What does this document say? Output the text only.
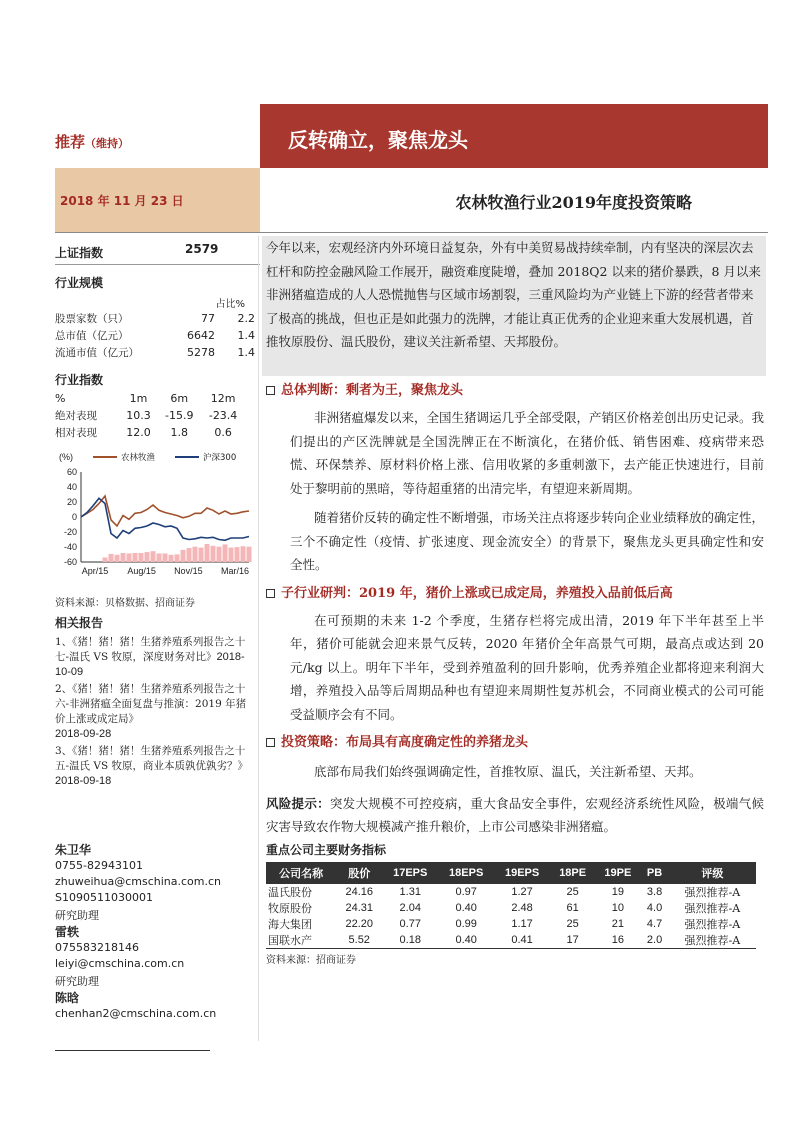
推荐（维持）	反转确立，聚焦龙头
2018 年 11 月 23 日	农林牧渔行业2019年度投资策略
上证指数	2579
行业规模
占比%
股票家数（只）	77	2.2
总市值（亿元）	6642	1.4
流通市值（亿元）	5278	1.4
行业指数
%	1m	6m	12m
绝对表现	10.3	-15.9	-23.4
相对表现	12.0	1.8	0.6
(%)	农林牧渔	沪深300
60
40
20
0
-20
-40
-60
Apr/15 Aug/15 Nov/15 Mar/16
资料来源：贝格数据、招商证券
相关报告
1、《猪！猪！猪！生猪养殖系列报告之十七-温氏 VS 牧原，深度财务对比》2018-10-09
2、《猪！猪！猪！生猪养殖系列报告之十六-非洲猪瘟全面复盘与推演：2019 年猪价上涨或成定局》
2018-09-28
3、《猪！猪！猪！生猪养殖系列报告之十五-温氏 VS 牧原，商业本质孰优孰劣？》2018-09-18
朱卫华
0755-82943101
zhuweihua@cmschina.com.cn
S1090511030001
研究助理
雷轶
075583218146
leiyi@cmschina.com.cn
研究助理
陈晗
chenhan2@cmschina.com.cn
今年以来，宏观经济内外环境日益复杂，外有中美贸易战持续牵制，内有坚决的深层次去杠杆和防控金融风险工作展开，融资难度陡增，叠加 2018Q2 以来的猪价暴跌，8 月以来非洲猪瘟造成的人人恐慌抛售与区域市场割裂，三重风险均为产业链上下游的经营者带来了极高的挑战，但也正是如此强力的洗牌，才能让真正优秀的企业迎来重大发展机遇，首推牧原股份、温氏股份，建议关注新希望、天邦股份。
总体判断：剩者为王，聚焦龙头
非洲猪瘟爆发以来，全国生猪调运几乎全部受限，产销区价格差创出历史记录。我们提出的产区洗牌就是全国洗牌正在不断演化，在猪价低、销售困难、疫病带来恐慌、环保禁养、原材料价格上涨、信用收紧的多重刺激下，去产能正快速进行，目前处于黎明前的黑暗，等待超重猪的出清完毕，有望迎来新周期。
随着猪价反转的确定性不断增强，市场关注点将逐步转向企业业绩释放的确定性，三个不确定性（疫情、扩张速度、现金流安全）的背景下，聚焦龙头更具确定性和安全性。
子行业研判：2019 年，猪价上涨或已成定局，养殖投入品前低后高
在可预期的未来 1-2 个季度，生猪存栏将完成出清，2019 年下半年甚至上半年，猪价可能就会迎来景气反转，2020 年猪价全年高景气可期，最高点或达到 20 元/kg 以上。明年下半年，受到养殖盈利的回升影响，优秀养殖企业都将迎来利润大增，养殖投入品等后周期品种也有望迎来周期性复苏机会，不同商业模式的公司可能受益顺序会有不同。
投资策略：布局具有高度确定性的养猪龙头
底部布局我们始终强调确定性，首推牧原、温氏，关注新希望、天邦。
风险提示：突发大规模不可控疫病，重大食品安全事件，宏观经济系统性风险，极端气候灾害导致农作物大规模减产推升粮价，上市公司感染非洲猪瘟。
重点公司主要财务指标
公司名称	股价	17EPS	18EPS	19EPS	18PE	19PE	PB	评级
温氏股份	24.16	1.31	0.97	1.27	25	19	3.8	强烈推荐-A
牧原股份	24.31	2.04	0.40	2.48	61	10	4.0	强烈推荐-A
海大集团	22.20	0.77	0.99	1.17	25	21	4.7	强烈推荐-A
国联水产	5.52	0.18	0.40	0.41	17	16	2.0	强烈推荐-A
资料来源：招商证券
